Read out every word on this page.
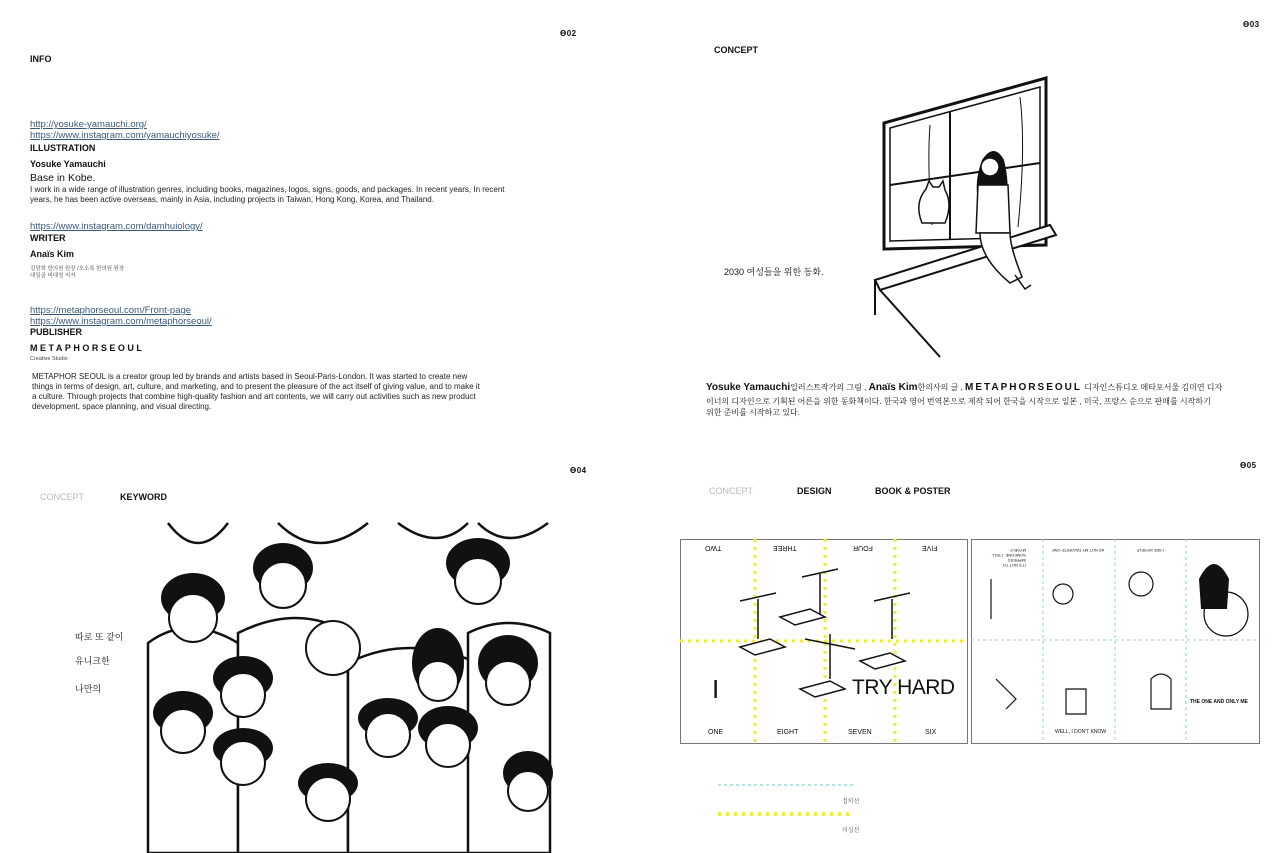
Ɵ02
INFO
http://yosuke-yamauchi.org/
https://www.instagram.com/yamauchiyosuke/
ILLUSTRATION
Yosuke Yamauchi
Base in Kobe.
I work in a wide range of illustration genres, including books, magazines, logos, signs, goods, and packages. In recent years, In recent
years, he has been active overseas, mainly in Asia, including projects in Taiwan, Hong Kong, Korea, and Thailand.
https://www.instagram.com/damhuiology/
WRITER
Anaïs Kim
김담희 한의원 원장 /오소록 한의원 원장
대일굴 비대칭 저자
https://metaphorseoul.com/Front-page
https://www.instagram.com/metaphorseoul/
PUBLISHER
METAPHORSEOUL
Creative Studio
METAPHOR SEOUL is a creator group led by brands and artists based in Seoul-Paris-London. It was started to create new
things in terms of design, art, culture, and marketing, and to present the pleasure of the act itself of giving value, and to make it
a culture. Through projects that combine high-quality fashion and art contents, we will carry out activities such as new product
development, space planning, and visual directing.
Ɵ03
CONCEPT
2030 여성들을 위한 동화.
Yosuke Yamauchi일러스트작가의 그림 , Anaïs Kim한의사의 글 , METAPHORSEOUL 디자인스튜디오 메타포서울 김미연 디자
이너의 디자인으로 기획된 어른을 위한 동화책이다. 한국과 영어 번역본으로 제작 되어 한국을 시작으로 일본 , 미국, 프랑스 순으로 판매를 시작하기
위한 준비를 시작하고 있다.
Ɵ04
CONCEPT	KEYWORD
따로 또 같이
유니크한
나만의
Ɵ05
CONCEPT	DESIGN	BOOK & POSTER
TWO	THREE	FOUR	FIVE
ONE	EIGHT	SEVEN	SIX
I	TRY HARD
IT'S NOT TO IMPRESS SOMEONE. I TELL MYSELF.	AS NOT MY FAVORITE ONE	I SEE MYSELF.
WELL, I DON'T KNOW
THE ONE AND ONLY ME
접히선
미싱선
